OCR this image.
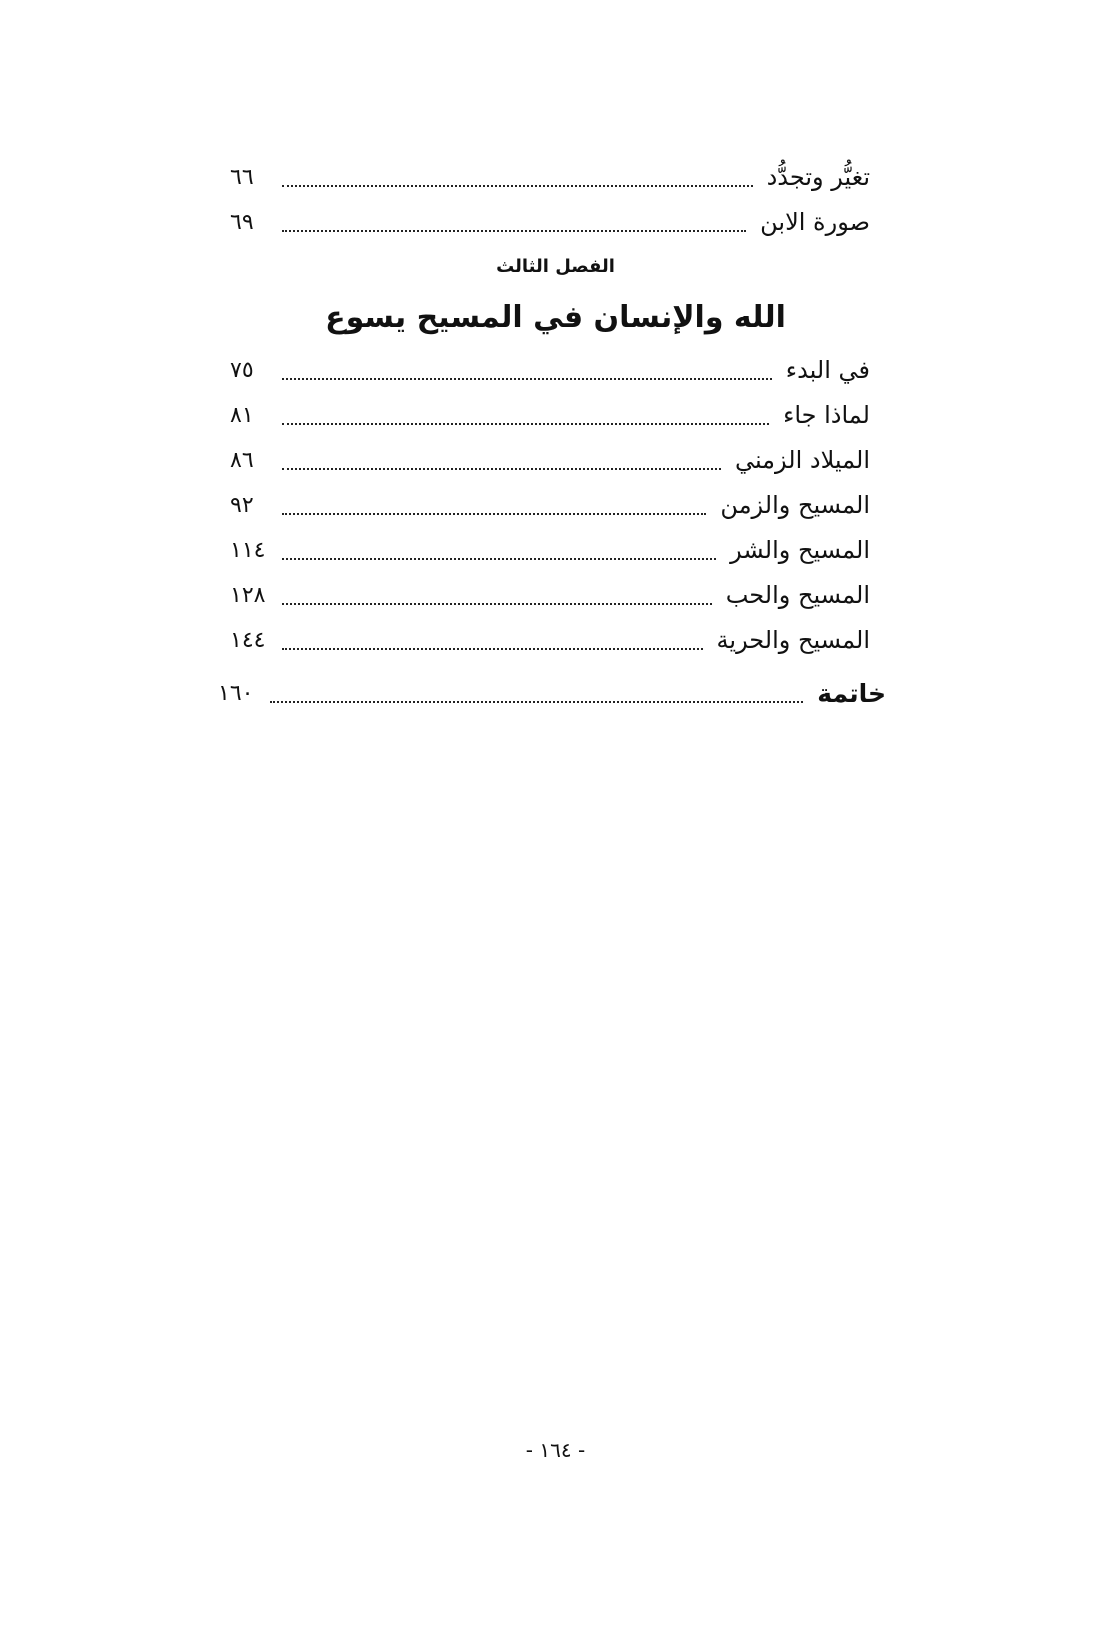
تغيُّر وتجدُّد
٦٦
صورة الابن
٦٩
الفصل الثالث
الله والإنسان في المسيح يسوع
في البدء
٧٥
لماذا جاء
٨١
الميلاد الزمني
٨٦
المسيح والزمن
٩٢
المسيح والشر
١١٤
المسيح والحب
١٢٨
المسيح والحرية
١٤٤
خاتمة
١٦٠
- ١٦٤ -
